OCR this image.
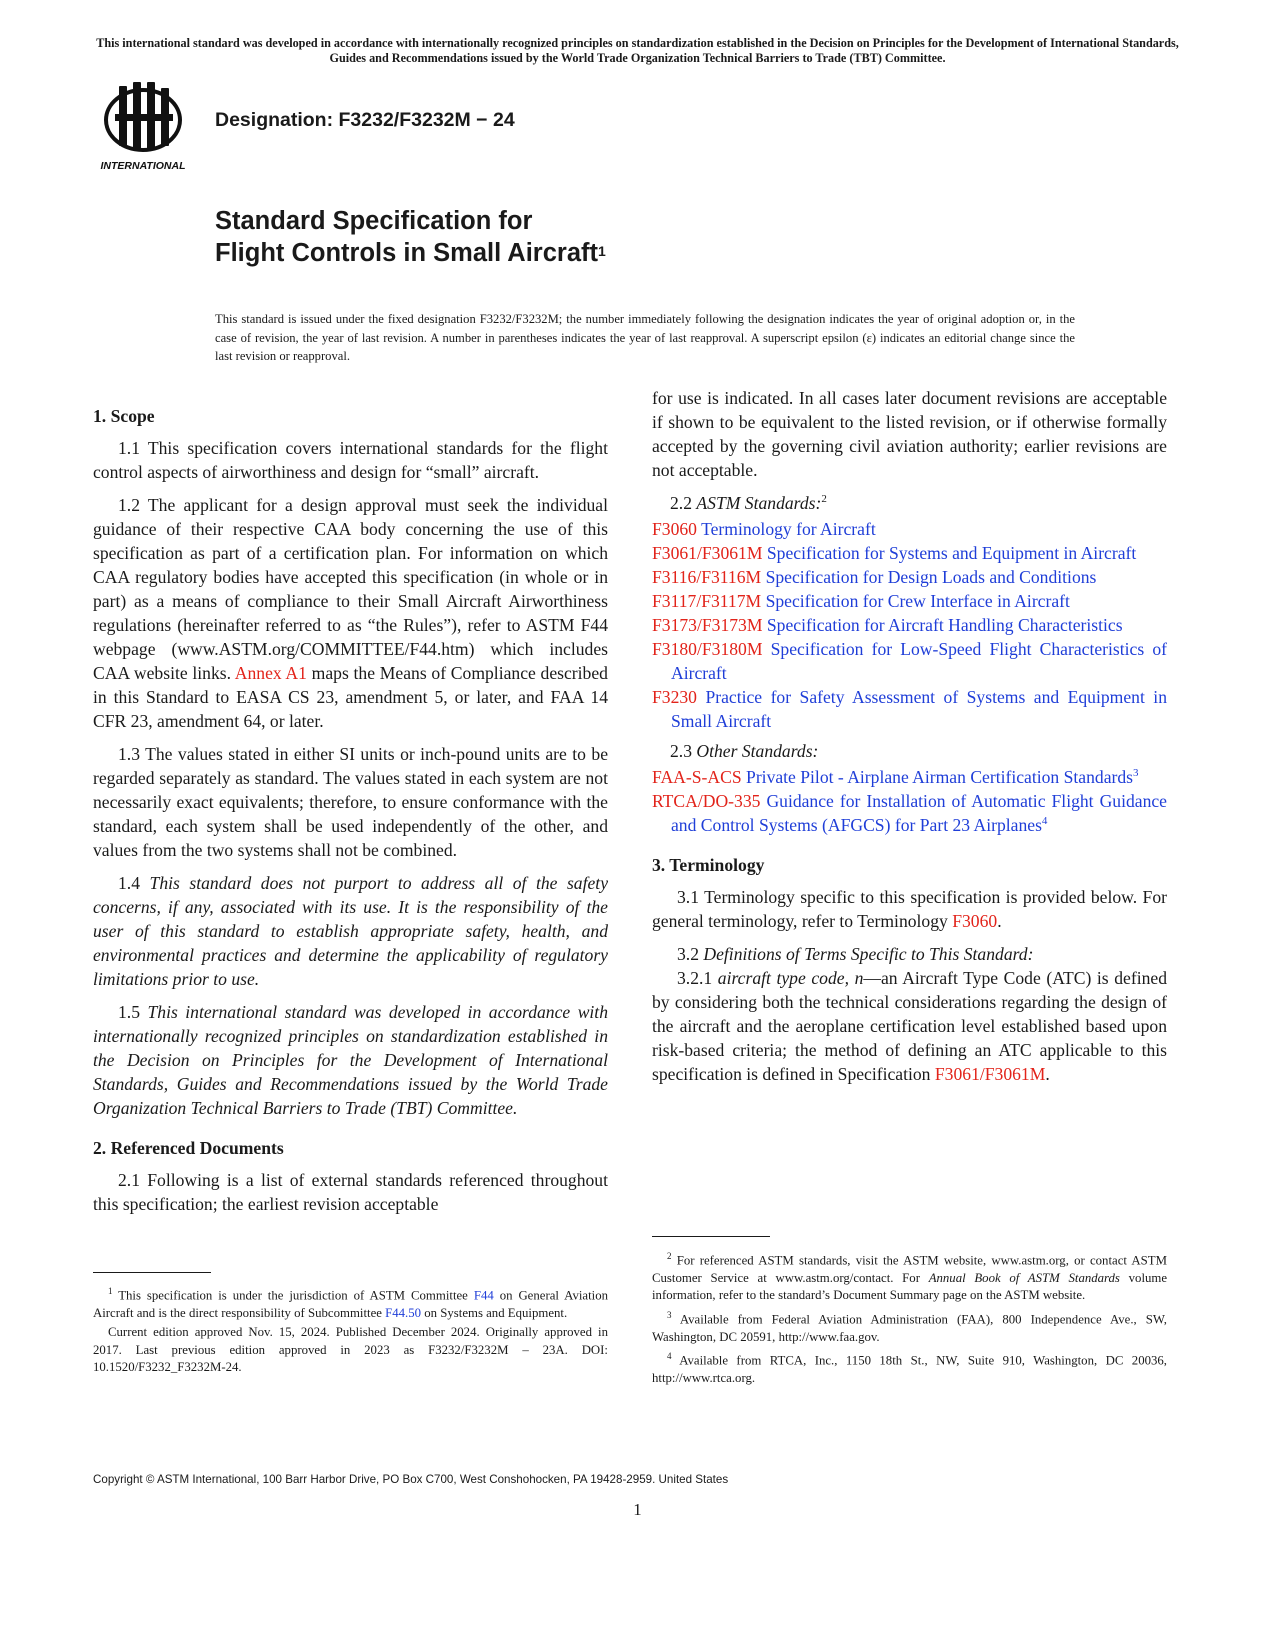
This international standard was developed in accordance with internationally recognized principles on standardization established in the Decision on Principles for the Development of International Standards, Guides and Recommendations issued by the World Trade Organization Technical Barriers to Trade (TBT) Committee.
INTERNATIONAL
Designation: F3232/F3232M − 24
Standard Specification for
Flight Controls in Small Aircraft$^1$
This standard is issued under the fixed designation F3232/F3232M; the number immediately following the designation indicates the year of original adoption or, in the case of revision, the year of last revision. A number in parentheses indicates the year of last reapproval. A superscript epsilon (ε) indicates an editorial change since the last revision or reapproval.
1. Scope

1.1 This specification covers international standards for the flight control aspects of airworthiness and design for “small” aircraft.

1.2 The applicant for a design approval must seek the individual guidance of their respective CAA body concerning the use of this specification as part of a certification plan. For information on which CAA regulatory bodies have accepted this specification (in whole or in part) as a means of compliance to their Small Aircraft Airworthiness regulations (hereinafter referred to as “the Rules”), refer to ASTM F44 webpage (www.ASTM.org/COMMITTEE/F44.htm) which includes CAA website links. Annex A1 maps the Means of Compliance described in this Standard to EASA CS 23, amendment 5, or later, and FAA 14 CFR 23, amendment 64, or later.

1.3 The values stated in either SI units or inch-pound units are to be regarded separately as standard. The values stated in each system are not necessarily exact equivalents; therefore, to ensure conformance with the standard, each system shall be used independently of the other, and values from the two systems shall not be combined.

1.4 This standard does not purport to address all of the safety concerns, if any, associated with its use. It is the responsibility of the user of this standard to establish appropriate safety, health, and environmental practices and determine the applicability of regulatory limitations prior to use.

1.5 This international standard was developed in accordance with internationally recognized principles on standardization established in the Decision on Principles for the Development of International Standards, Guides and Recommendations issued by the World Trade Organization Technical Barriers to Trade (TBT) Committee.

2. Referenced Documents

2.1 Following is a list of external standards referenced throughout this specification; the earliest revision acceptable

for use is indicated. In all cases later document revisions are acceptable if shown to be equivalent to the listed revision, or if otherwise formally accepted by the governing civil aviation authority; earlier revisions are not acceptable.

2.2 ASTM Standards:$^2$
F3060 Terminology for Aircraft
F3061/F3061M Specification for Systems and Equipment in Aircraft
F3116/F3116M Specification for Design Loads and Conditions
F3117/F3117M Specification for Crew Interface in Aircraft
F3173/F3173M Specification for Aircraft Handling Characteristics
F3180/F3180M Specification for Low-Speed Flight Characteristics of Aircraft
F3230 Practice for Safety Assessment of Systems and Equipment in Small Aircraft
2.3 Other Standards:
FAA-S-ACS Private Pilot - Airplane Airman Certification Standards$^3$
RTCA/DO-335 Guidance for Installation of Automatic Flight Guidance and Control Systems (AFGCS) for Part 23 Airplanes$^4$
3. Terminology

3.1 Terminology specific to this specification is provided below. For general terminology, refer to Terminology F3060.

3.2 Definitions of Terms Specific to This Standard:

3.2.1 aircraft type code, n—an Aircraft Type Code (ATC) is defined by considering both the technical considerations regarding the design of the aircraft and the aeroplane certification level established based upon risk-based criteria; the method of defining an ATC applicable to this specification is defined in Specification F3061/F3061M.

$^1$ This specification is under the jurisdiction of ASTM Committee F44 on General Aviation Aircraft and is the direct responsibility of Subcommittee F44.50 on Systems and Equipment.

Current edition approved Nov. 15, 2024. Published December 2024. Originally approved in 2017. Last previous edition approved in 2023 as F3232/F3232M – 23A. DOI: 10.1520/F3232_F3232M-24.

$^2$ For referenced ASTM standards, visit the ASTM website, www.astm.org, or contact ASTM Customer Service at www.astm.org/contact. For Annual Book of ASTM Standards volume information, refer to the standard’s Document Summary page on the ASTM website.

$^3$ Available from Federal Aviation Administration (FAA), 800 Independence Ave., SW, Washington, DC 20591, http://www.faa.gov.

$^4$ Available from RTCA, Inc., 1150 18th St., NW, Suite 910, Washington, DC 20036, http://www.rtca.org.

Copyright © ASTM International, 100 Barr Harbor Drive, PO Box C700, West Conshohocken, PA 19428-2959. United States
1
